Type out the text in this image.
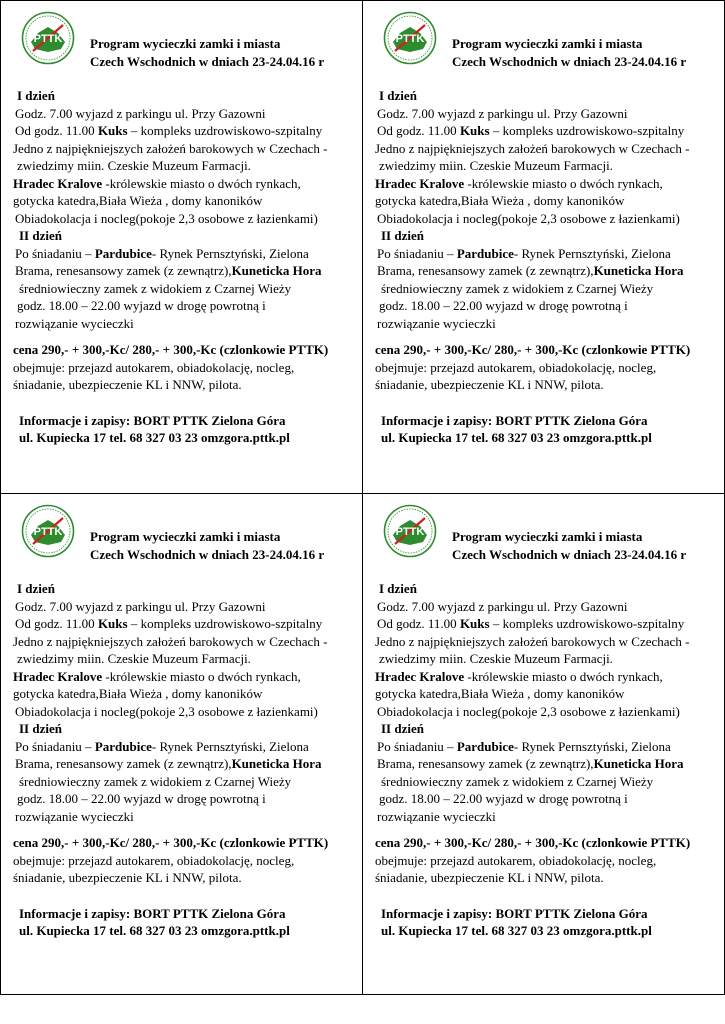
PTTK Program wycieczki zamki i miasta
Czech Wschodnich w dniach 23-24.04.16 r
I dzień
Godz. 7.00 wyjazd z parkingu ul. Przy Gazowni
Od godz. 11.00 Kuks – kompleks uzdrowiskowo-szpitalny
Jedno z najpiękniejszych założeń barokowych w Czechach -
zwiedzimy miin. Czeskie Muzeum Farmacji.
Hradec Kralove -królewskie miasto o dwóch rynkach,
gotycka katedra,Biała Wieża , domy kanoników
Obiadokolacja i nocleg(pokoje 2,3 osobowe z łazienkami)
II dzień
Po śniadaniu – Pardubice- Rynek Pernsztyński, Zielona
Brama, renesansowy zamek (z zewnątrz),Kuneticka Hora
średniowieczny zamek z widokiem z Czarnej Wieży
godz. 18.00 – 22.00 wyjazd w drogę powrotną i
rozwiązanie wycieczki
cena 290,- + 300,-Kc/ 280,- + 300,-Kc (czlonkowie PTTK)
obejmuje: przejazd autokarem, obiadokolację, nocleg,
śniadanie, ubezpieczenie KL i NNW, pilota.
Informacje i zapisy: BORT PTTK Zielona Góra
ul. Kupiecka 17 tel. 68 327 03 23 omzgora.pttk.pl
PTTK Program wycieczki zamki i miasta
Czech Wschodnich w dniach 23-24.04.16 r
I dzień
Godz. 7.00 wyjazd z parkingu ul. Przy Gazowni
Od godz. 11.00 Kuks – kompleks uzdrowiskowo-szpitalny
Jedno z najpiękniejszych założeń barokowych w Czechach -
zwiedzimy miin. Czeskie Muzeum Farmacji.
Hradec Kralove -królewskie miasto o dwóch rynkach,
gotycka katedra,Biała Wieża , domy kanoników
Obiadokolacja i nocleg(pokoje 2,3 osobowe z łazienkami)
II dzień
Po śniadaniu – Pardubice- Rynek Pernsztyński, Zielona
Brama, renesansowy zamek (z zewnątrz),Kuneticka Hora
średniowieczny zamek z widokiem z Czarnej Wieży
godz. 18.00 – 22.00 wyjazd w drogę powrotną i
rozwiązanie wycieczki
cena 290,- + 300,-Kc/ 280,- + 300,-Kc (czlonkowie PTTK)
obejmuje: przejazd autokarem, obiadokolację, nocleg,
śniadanie, ubezpieczenie KL i NNW, pilota.
Informacje i zapisy: BORT PTTK Zielona Góra
ul. Kupiecka 17 tel. 68 327 03 23 omzgora.pttk.pl
PTTK Program wycieczki zamki i miasta
Czech Wschodnich w dniach 23-24.04.16 r
I dzień
Godz. 7.00 wyjazd z parkingu ul. Przy Gazowni
Od godz. 11.00 Kuks – kompleks uzdrowiskowo-szpitalny
Jedno z najpiękniejszych założeń barokowych w Czechach -
zwiedzimy miin. Czeskie Muzeum Farmacji.
Hradec Kralove -królewskie miasto o dwóch rynkach,
gotycka katedra,Biała Wieża , domy kanoników
Obiadokolacja i nocleg(pokoje 2,3 osobowe z łazienkami)
II dzień
Po śniadaniu – Pardubice- Rynek Pernsztyński, Zielona
Brama, renesansowy zamek (z zewnątrz),Kuneticka Hora
średniowieczny zamek z widokiem z Czarnej Wieży
godz. 18.00 – 22.00 wyjazd w drogę powrotną i
rozwiązanie wycieczki
cena 290,- + 300,-Kc/ 280,- + 300,-Kc (czlonkowie PTTK)
obejmuje: przejazd autokarem, obiadokolację, nocleg,
śniadanie, ubezpieczenie KL i NNW, pilota.
Informacje i zapisy: BORT PTTK Zielona Góra
ul. Kupiecka 17 tel. 68 327 03 23 omzgora.pttk.pl
PTTK Program wycieczki zamki i miasta
Czech Wschodnich w dniach 23-24.04.16 r
I dzień
Godz. 7.00 wyjazd z parkingu ul. Przy Gazowni
Od godz. 11.00 Kuks – kompleks uzdrowiskowo-szpitalny
Jedno z najpiękniejszych założeń barokowych w Czechach -
zwiedzimy miin. Czeskie Muzeum Farmacji.
Hradec Kralove -królewskie miasto o dwóch rynkach,
gotycka katedra,Biała Wieża , domy kanoników
Obiadokolacja i nocleg(pokoje 2,3 osobowe z łazienkami)
II dzień
Po śniadaniu – Pardubice- Rynek Pernsztyński, Zielona
Brama, renesansowy zamek (z zewnątrz),Kuneticka Hora
średniowieczny zamek z widokiem z Czarnej Wieży
godz. 18.00 – 22.00 wyjazd w drogę powrotną i
rozwiązanie wycieczki
cena 290,- + 300,-Kc/ 280,- + 300,-Kc (czlonkowie PTTK)
obejmuje: przejazd autokarem, obiadokolację, nocleg,
śniadanie, ubezpieczenie KL i NNW, pilota.
Informacje i zapisy: BORT PTTK Zielona Góra
ul. Kupiecka 17 tel. 68 327 03 23 omzgora.pttk.pl
